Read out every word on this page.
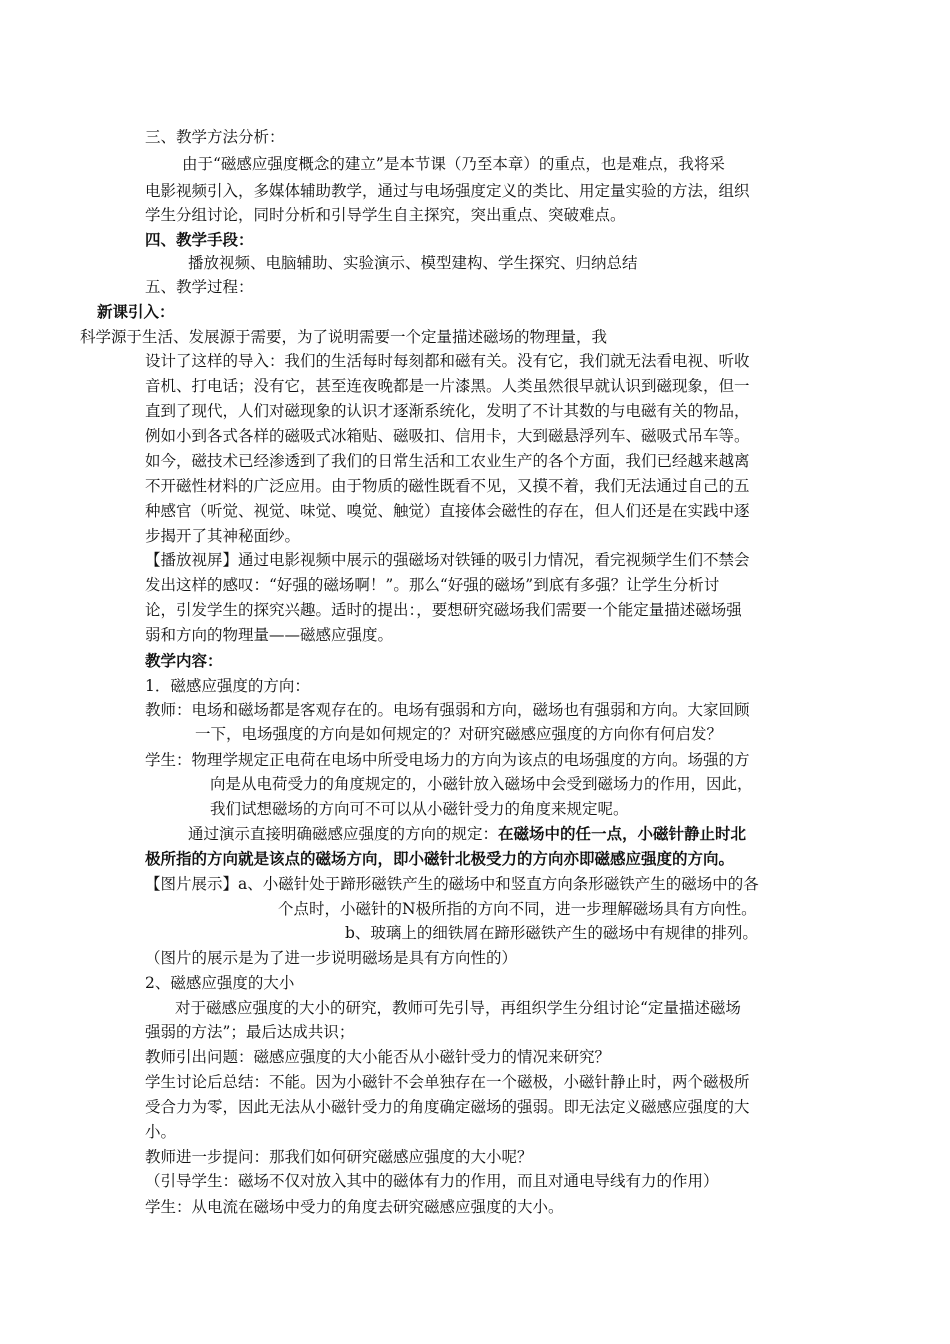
三、教学方法分析：
由于“磁感应强度概念的建立”是本节课（乃至本章）的重点，也是难点，我将采
电影视频引入，多媒体辅助教学，通过与电场强度定义的类比、用定量实验的方法，组织
学生分组讨论，同时分析和引导学生自主探究，突出重点、突破难点。
四、教学手段：
播放视频、电脑辅助、实验演示、模型建构、学生探究、归纳总结
五、教学过程：
新课引入：
科学源于生活、发展源于需要，为了说明需要一个定量描述磁场的物理量，我
设计了这样的导入：我们的生活每时每刻都和磁有关。没有它，我们就无法看电视、听收
音机、打电话；没有它，甚至连夜晚都是一片漆黑。人类虽然很早就认识到磁现象，但一
直到了现代，人们对磁现象的认识才逐渐系统化，发明了不计其数的与电磁有关的物品，
例如小到各式各样的磁吸式冰箱贴、磁吸扣、信用卡，大到磁悬浮列车、磁吸式吊车等。
如今，磁技术已经渗透到了我们的日常生活和工农业生产的各个方面，我们已经越来越离
不开磁性材料的广泛应用。由于物质的磁性既看不见，又摸不着，我们无法通过自己的五
种感官（听觉、视觉、味觉、嗅觉、触觉）直接体会磁性的存在，但人们还是在实践中逐
步揭开了其神秘面纱。
【播放视屏】通过电影视频中展示的强磁场对铁锤的吸引力情况，看完视频学生们不禁会
发出这样的感叹：“好强的磁场啊！”。那么“好强的磁场”到底有多强？让学生分析讨
论，引发学生的探究兴趣。适时的提出：，要想研究磁场我们需要一个能定量描述磁场强
弱和方向的物理量——磁感应强度。
教学内容：
1．磁感应强度的方向：
教师：电场和磁场都是客观存在的。电场有强弱和方向，磁场也有强弱和方向。大家回顾
一下，电场强度的方向是如何规定的？对研究磁感应强度的方向你有何启发？
学生：物理学规定正电荷在电场中所受电场力的方向为该点的电场强度的方向。场强的方
向是从电荷受力的角度规定的，小磁针放入磁场中会受到磁场力的作用，因此，
我们试想磁场的方向可不可以从小磁针受力的角度来规定呢。
通过演示直接明确磁感应强度的方向的规定：在磁场中的任一点，小磁针静止时北
极所指的方向就是该点的磁场方向，即小磁针北极受力的方向亦即磁感应强度的方向。
【图片展示】a、小磁针处于蹄形磁铁产生的磁场中和竖直方向条形磁铁产生的磁场中的各
个点时，小磁针的N极所指的方向不同，进一步理解磁场具有方向性。
b、玻璃上的细铁屑在蹄形磁铁产生的磁场中有规律的排列。
（图片的展示是为了进一步说明磁场是具有方向性的）
2、磁感应强度的大小
对于磁感应强度的大小的研究，教师可先引导，再组织学生分组讨论“定量描述磁场
强弱的方法”；最后达成共识；
教师引出问题：磁感应强度的大小能否从小磁针受力的情况来研究？
学生讨论后总结：不能。因为小磁针不会单独存在一个磁极，小磁针静止时，两个磁极所
受合力为零，因此无法从小磁针受力的角度确定磁场的强弱。即无法定义磁感应强度的大
小。
教师进一步提问：那我们如何研究磁感应强度的大小呢？
（引导学生：磁场不仅对放入其中的磁体有力的作用，而且对通电导线有力的作用）
学生：从电流在磁场中受力的角度去研究磁感应强度的大小。
